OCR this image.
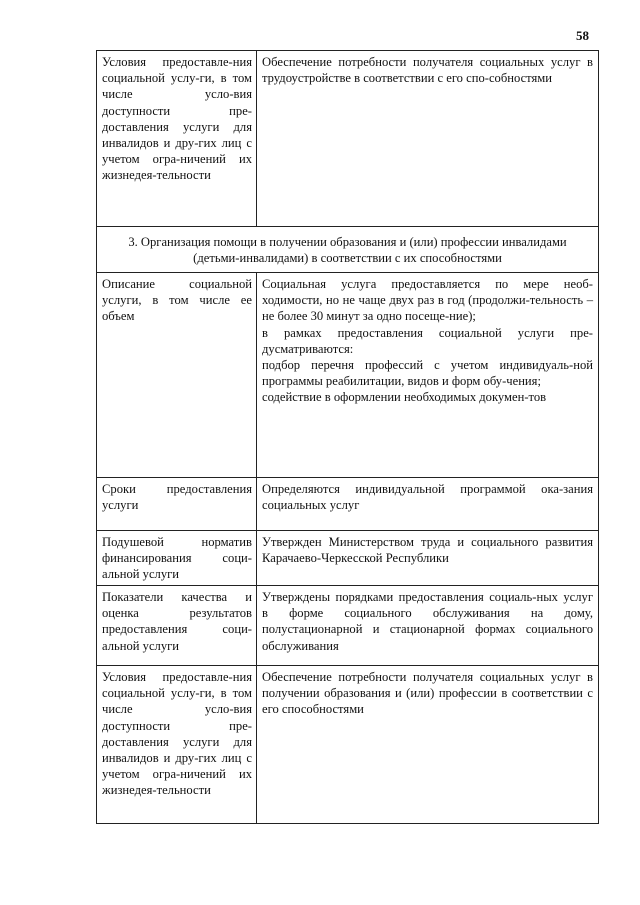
58
Условия предоставле-ния социальной услу-ги, в том числе усло-вия доступности пре-доставления услуги для инвалидов и дру-гих лиц с учетом огра-ничений их жизнедея-тельности	Обеспечение потребности получателя социальных услуг в трудоустройстве в соответствии с его спо-собностями

3. Организация помощи в получении образования и (или) профессии инвалидами (детьми-инвалидами) в соответствии с их способностями	
Описание социальной услуги, в том числе ее объем	Социальная услуга предоставляется по мере необ-ходимости, но не чаще двух раз в год (продолжи-тельность – не более 30 минут за одно посеще-ние);
в рамках предоставления социальной услуги пре-дусматриваются:
подбор перечня профессий с учетом индивидуаль-ной программы реабилитации, видов и форм обу-чения;
содействие в оформлении необходимых докумен-тов

Сроки предоставления услуги	Определяются индивидуальной программой ока-зания социальных услуг

Подушевой норматив финансирования соци-альной услуги	Утвержден Министерством труда и социального развития Карачаево-Черкесской Республики

Показатели качества и оценка результатов предоставления соци-альной услуги	Утверждены порядками предоставления социаль-ных услуг в форме социального обслуживания на дому, полустационарной и стационарной формах социального обслуживания

Условия предоставле-ния социальной услу-ги, в том числе усло-вия доступности пре-доставления услуги для инвалидов и дру-гих лиц с учетом огра-ничений их жизнедея-тельности	Обеспечение потребности получателя социальных услуг в получении образования и (или) профессии в соответствии с его способностями
